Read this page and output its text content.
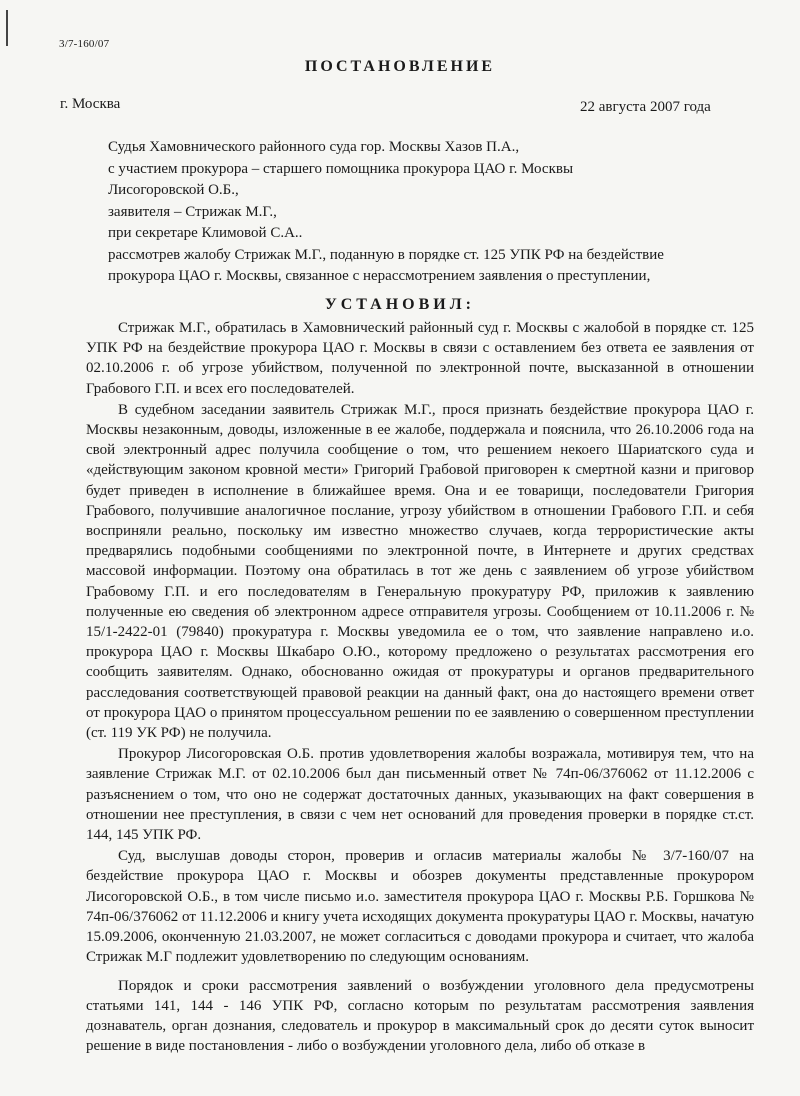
3/7-160/07
ПОСТАНОВЛЕНИЕ
г. Москва	22 августа 2007 года
Судья Хамовнического районного суда гор. Москвы Хазов П.А.,
с участием прокурора – старшего помощника прокурора ЦАО г. Москвы
Лисогоровской О.Б.,
заявителя – Стрижак М.Г.,
при секретаре Климовой С.А..
рассмотрев жалобу Стрижак М.Г., поданную в порядке ст. 125 УПК РФ на бездействие
прокурора ЦАО г. Москвы, связанное с нерассмотрением заявления о преступлении,
УСТАНОВИЛ:

Стрижак М.Г., обратилась в Хамовнический районный суд г. Москвы с жалобой в порядке ст. 125 УПК РФ на бездействие прокурора ЦАО г. Москвы в связи с оставлением без ответа ее заявления от 02.10.2006 г. об угрозе убийством, полученной по электронной почте, высказанной в отношении Грабового Г.П. и всех его последователей.

В судебном заседании заявитель Стрижак М.Г., прося признать бездействие прокурора ЦАО г. Москвы незаконным, доводы, изложенные в ее жалобе, поддержала и пояснила, что 26.10.2006 года на свой электронный адрес получила сообщение о том, что решением некоего Шариатского суда и «действующим законом кровной мести» Григорий Грабовой приговорен к смертной казни и приговор будет приведен в исполнение в ближайшее время. Она и ее товарищи, последователи Григория Грабового, получившие аналогичное послание, угрозу убийством в отношении Грабового Г.П. и себя восприняли реально, поскольку им известно множество случаев, когда террористические акты предварялись подобными сообщениями по электронной почте, в Интернете и других средствах массовой информации. Поэтому она обратилась в тот же день с заявлением об угрозе убийством Грабовому Г.П. и его последователям в Генеральную прокуратуру РФ, приложив к заявлению полученные ею сведения об электронном адресе отправителя угрозы. Сообщением от 10.11.2006 г. № 15/1-2422-01 (79840) прокуратура г. Москвы уведомила ее о том, что заявление направлено и.о. прокурора ЦАО г. Москвы Шкабаро О.Ю., которому предложено о результатах рассмотрения его сообщить заявителям. Однако, обоснованно ожидая от прокуратуры и органов предварительного расследования соответствующей правовой реакции на данный факт, она до настоящего времени ответ от прокурора ЦАО о принятом процессуальном решении по ее заявлению о совершенном преступлении (ст. 119 УК РФ) не получила.

Прокурор Лисогоровская О.Б. против удовлетворения жалобы возражала, мотивируя тем, что на заявление Стрижак М.Г. от 02.10.2006 был дан письменный ответ № 74п-06/376062 от 11.12.2006 с разъяснением о том, что оно не содержат достаточных данных, указывающих на факт совершения в отношении нее преступления, в связи с чем нет оснований для проведения проверки в порядке ст.ст. 144, 145 УПК РФ.

Суд, выслушав доводы сторон, проверив и огласив материалы жалобы № 3/7-160/07 на бездействие прокурора ЦАО г. Москвы и обозрев документы представленные прокурором Лисогоровской О.Б., в том числе письмо и.о. заместителя прокурора ЦАО г. Москвы Р.Б. Горшкова № 74п-06/376062 от 11.12.2006 и книгу учета исходящих документа прокуратуры ЦАО г. Москвы, начатую 15.09.2006, оконченную 21.03.2007, не может согласиться с доводами прокурора и считает, что жалоба Стрижак М.Г подлежит удовлетворению по следующим основаниям.

Порядок и сроки рассмотрения заявлений о возбуждении уголовного дела предусмотрены статьями 141, 144 - 146 УПК РФ, согласно которым по результатам рассмотрения заявления дознаватель, орган дознания, следователь и прокурор в максимальный срок до десяти суток выносит решение в виде постановления - либо о возбуждении уголовного дела, либо об отказе в
